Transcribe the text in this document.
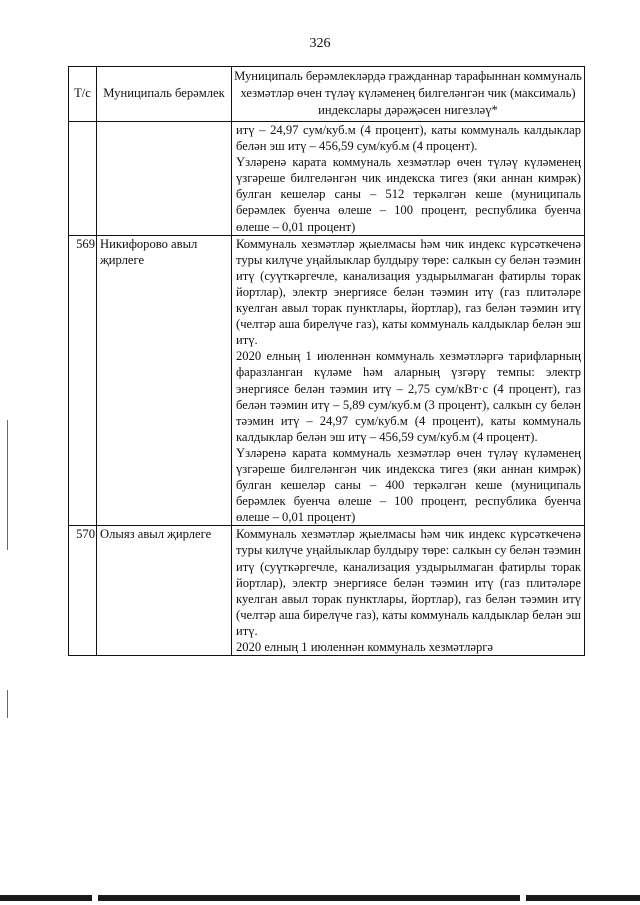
326
Т/с	Муниципаль берәмлек	Муниципаль берәмлекләрдә гражданнар тарафыннан коммуналь хезмәтләр өчен түләү күләменең билгеләнгән чик (максималь) индекслары дәрәҗәсен нигезләү*

		итү – 24,97 сум/куб.м (4 процент), каты коммуналь калдыклар белән эш итү – 456,59 сум/куб.м (4 процент).
Үзләренә карата коммуналь хезмәтләр өчен түләү күләменең үзгәреше билгеләнгән чик индекска тигез (яки аннан кимрәк) булган кешеләр саны – 512 теркәлгән кеше (муниципаль берәмлек буенча өлеше – 100 процент, республика буенча өлеше – 0,01 процент)

569	Никифорово авыл җирлеге	Коммуналь хезмәтләр җыелмасы һәм чик индекс күрсәткеченә туры килүче уңайлыклар булдыру төре: салкын су белән тәэмин итү (суүткәргечле, канализация уздырылмаган фатирлы торак йортлар), электр энергиясе белән тәэмин итү (газ плитәләре куелган авыл торак пунктлары, йортлар), газ белән тәэмин итү (челтәр аша бирелүче газ), каты коммуналь калдыклар белән эш итү.
2020 елның 1 июленнән коммуналь хезмәтләргә тарифларның фаразланган күләме һәм аларның үзгәрү темпы: электр энергиясе белән тәэмин итү – 2,75 сум/кВт·с (4 процент), газ белән тәэмин итү – 5,89 сум/куб.м (3 процент), салкын су белән тәэмин итү – 24,97 сум/куб.м (4 процент), каты коммуналь калдыклар белән эш итү – 456,59 сум/куб.м (4 процент).
Үзләренә карата коммуналь хезмәтләр өчен түләү күләменең үзгәреше билгеләнгән чик индекска тигез (яки аннан кимрәк) булган кешеләр саны – 400 теркәлгән кеше (муниципаль берәмлек буенча өлеше – 100 процент, республика буенча өлеше – 0,01 процент)

570	Олыяз авыл җирлеге	Коммуналь хезмәтләр җыелмасы һәм чик индекс күрсәткеченә туры килүче уңайлыклар булдыру төре: салкын су белән тәэмин итү (суүткәргечле, канализация уздырылмаган фатирлы торак йортлар), электр энергиясе белән тәэмин итү (газ плитәләре куелган авыл торак пунктлары, йортлар), газ белән тәэмин итү (челтәр аша бирелүче газ), каты коммуналь калдыклар белән эш итү.
2020 елның 1 июленнән коммуналь хезмәтләргә
